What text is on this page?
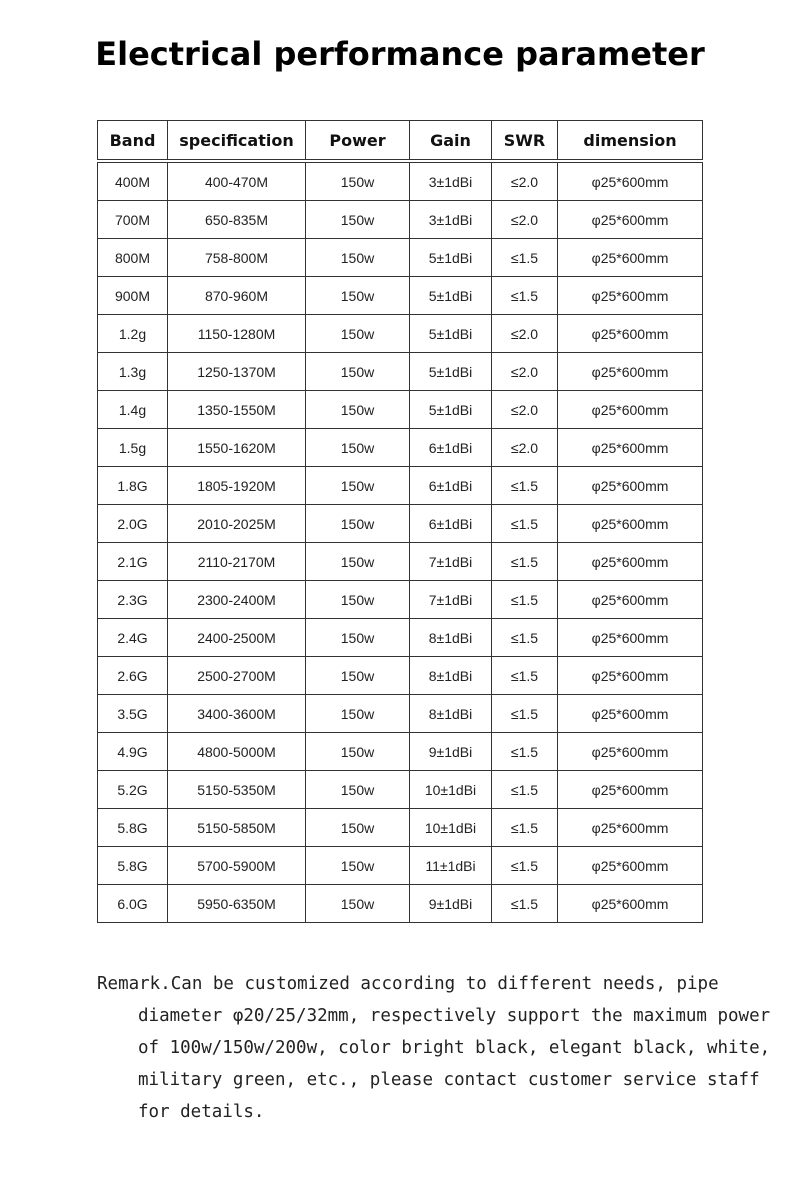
Electrical performance parameter
Band	specification	Power	Gain	SWR	dimension
400M	400-470M	150w	3±1dBi	≤2.0	φ25*600mm
700M	650-835M	150w	3±1dBi	≤2.0	φ25*600mm
800M	758-800M	150w	5±1dBi	≤1.5	φ25*600mm
900M	870-960M	150w	5±1dBi	≤1.5	φ25*600mm
1.2g	1150-1280M	150w	5±1dBi	≤2.0	φ25*600mm
1.3g	1250-1370M	150w	5±1dBi	≤2.0	φ25*600mm
1.4g	1350-1550M	150w	5±1dBi	≤2.0	φ25*600mm
1.5g	1550-1620M	150w	6±1dBi	≤2.0	φ25*600mm
1.8G	1805-1920M	150w	6±1dBi	≤1.5	φ25*600mm
2.0G	2010-2025M	150w	6±1dBi	≤1.5	φ25*600mm
2.1G	2110-2170M	150w	7±1dBi	≤1.5	φ25*600mm
2.3G	2300-2400M	150w	7±1dBi	≤1.5	φ25*600mm
2.4G	2400-2500M	150w	8±1dBi	≤1.5	φ25*600mm
2.6G	2500-2700M	150w	8±1dBi	≤1.5	φ25*600mm
3.5G	3400-3600M	150w	8±1dBi	≤1.5	φ25*600mm
4.9G	4800-5000M	150w	9±1dBi	≤1.5	φ25*600mm
5.2G	5150-5350M	150w	10±1dBi	≤1.5	φ25*600mm
5.8G	5150-5850M	150w	10±1dBi	≤1.5	φ25*600mm
5.8G	5700-5900M	150w	11±1dBi	≤1.5	φ25*600mm
6.0G	5950-6350M	150w	9±1dBi	≤1.5	φ25*600mm

Remark.Can be customized according to different needs, pipe diameter φ20/25/32mm, respectively support the maximum power of 100w/150w/200w, color bright black, elegant black, white, military green, etc., please contact customer service staff for details.
